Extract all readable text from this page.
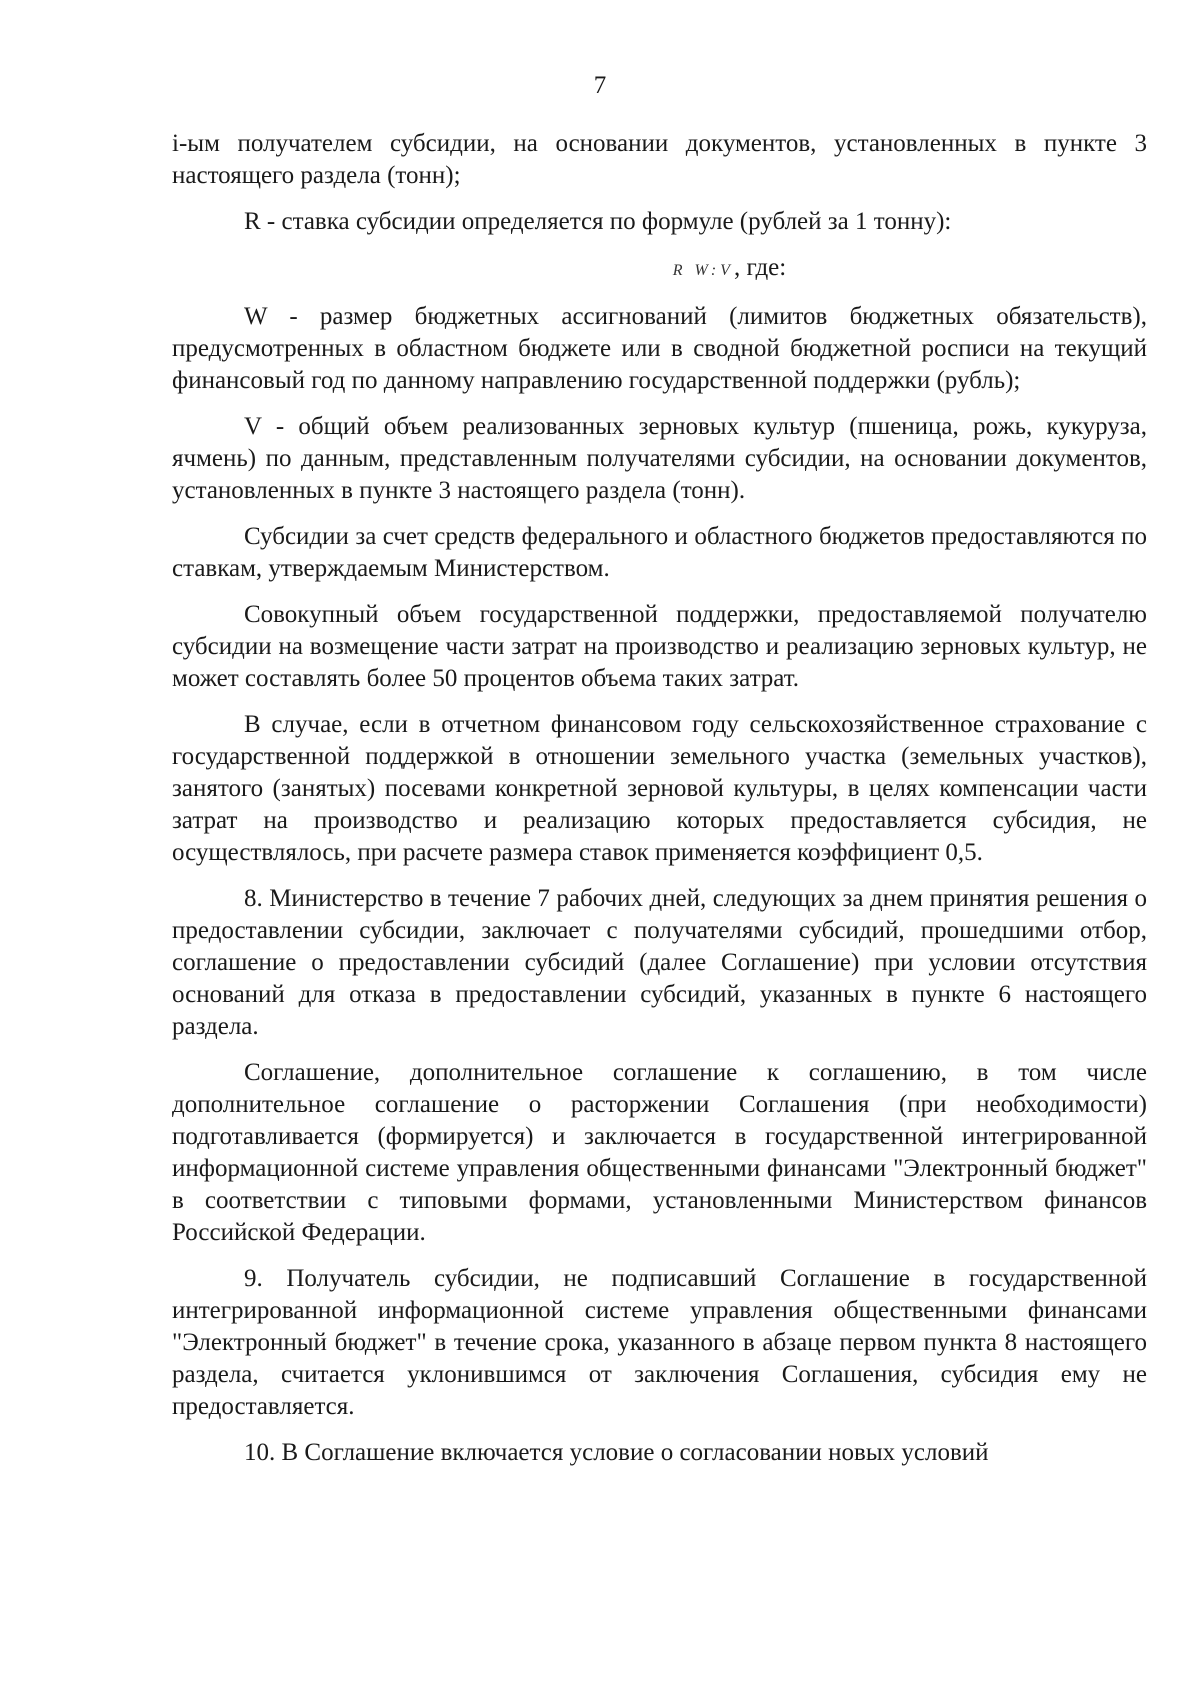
7

i-ым получателем субсидии, на основании документов, установленных в пункте 3 настоящего раздела (тонн);

R - ставка субсидии определяется по формуле (рублей за 1 тонну):

R W:V, где:

W - размер бюджетных ассигнований (лимитов бюджетных обязательств), предусмотренных в областном бюджете или в сводной бюджетной росписи на текущий финансовый год по данному направлению государственной поддержки (рубль);

V - общий объем реализованных зерновых культур (пшеница, рожь, кукуруза, ячмень) по данным, представленным получателями субсидии, на основании документов, установленных в пункте 3 настоящего раздела (тонн).

Субсидии за счет средств федерального и областного бюджетов предоставляются по ставкам, утверждаемым Министерством.

Совокупный объем государственной поддержки, предоставляемой получателю субсидии на возмещение части затрат на производство и реализацию зерновых культур, не может составлять более 50 процентов объема таких затрат.

В случае, если в отчетном финансовом году сельскохозяйственное страхование с государственной поддержкой в отношении земельного участка (земельных участков), занятого (занятых) посевами конкретной зерновой культуры, в целях компенсации части затрат на производство и реализацию которых предоставляется субсидия, не осуществлялось, при расчете размера ставок применяется коэффициент 0,5.

8. Министерство в течение 7 рабочих дней, следующих за днем принятия решения о предоставлении субсидии, заключает с получателями субсидий, прошедшими отбор, соглашение о предоставлении субсидий (далее Соглашение) при условии отсутствия оснований для отказа в предоставлении субсидий, указанных в пункте 6 настоящего раздела.

Соглашение, дополнительное соглашение к соглашению, в том числе дополнительное соглашение о расторжении Соглашения (при необходимости) подготавливается (формируется) и заключается в государственной интегрированной информационной системе управления общественными финансами "Электронный бюджет" в соответствии с типовыми формами, установленными Министерством финансов Российской Федерации.

9. Получатель субсидии, не подписавший Соглашение в государственной интегрированной информационной системе управления общественными финансами "Электронный бюджет" в течение срока, указанного в абзаце первом пункта 8 настоящего раздела, считается уклонившимся от заключения Соглашения, субсидия ему не предоставляется.

10. В Соглашение включается условие о согласовании новых условий
